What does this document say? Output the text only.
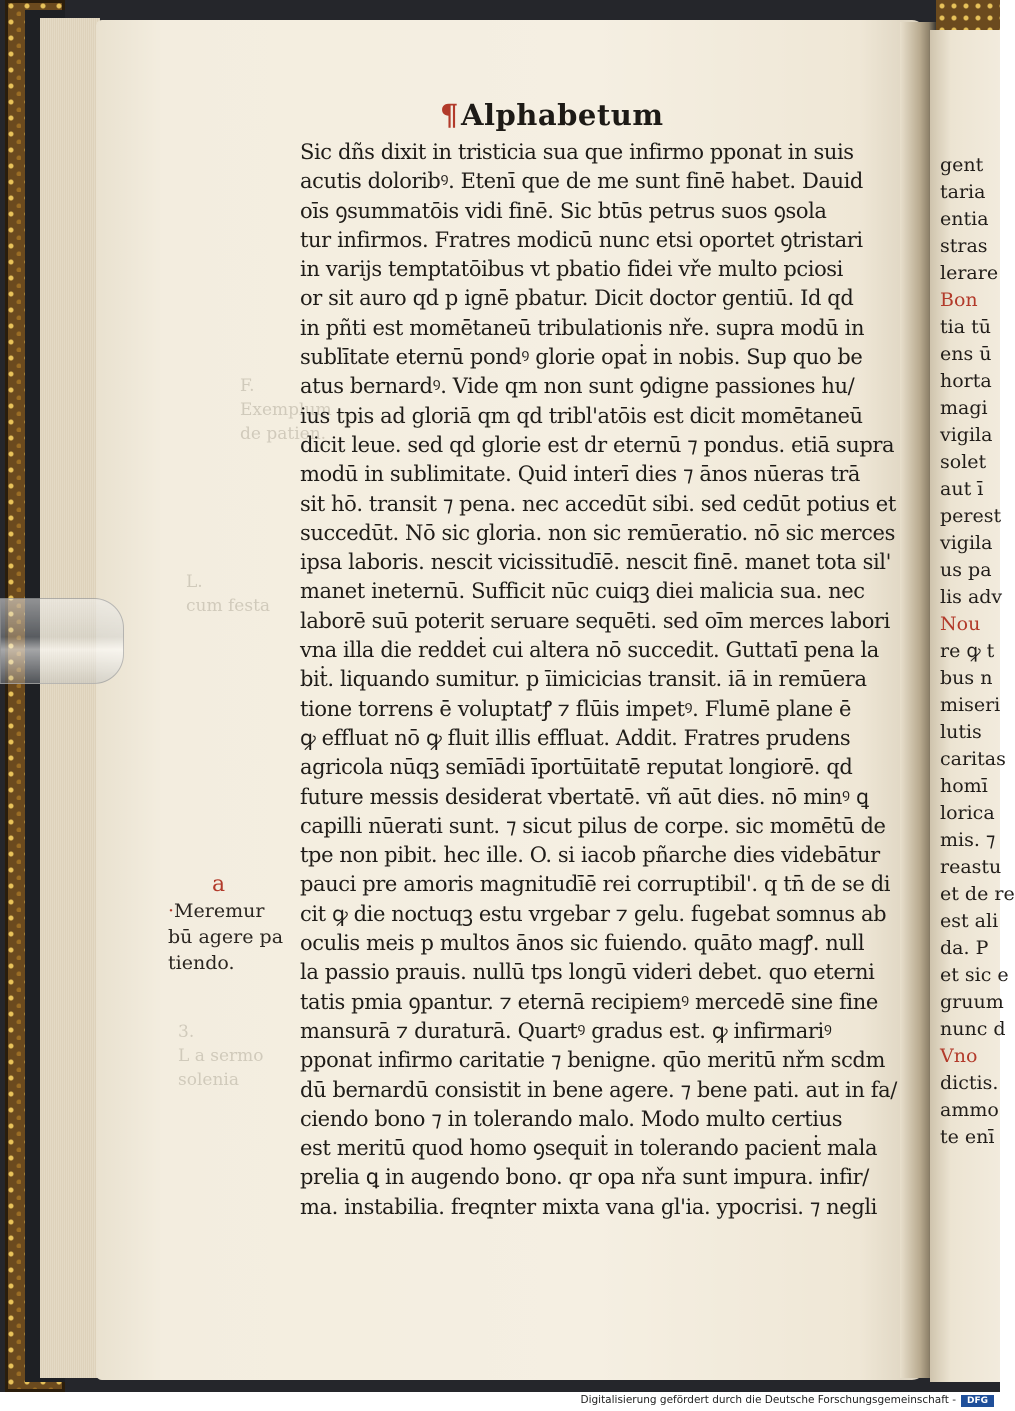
¶Alphabetum
F.
Exemplum
de patien.
L.
cum festa
3.
L a sermo
solenia
a
·Meremur
bū agere pa
tiendo.
Sic dñs dixit in tristicia sua que infirmo pponat in suis
acutis doloribꝰ. Etenī que de me sunt finē habet. Dauid
oīs ꝯsummatōis vidi finē. Sic btūs petrus suos ꝯsola
tur infirmos. Fratres modicū nunc etsi oportet ꝯtristari
in varijs temptatōibus vt pbatio fidei vře multo pciosi
or sit auro qd p ignē pbatur. Dicit doctor gentiū. Id qd
in pñti est momētaneū tribulationis nře. supra modū in
sublītate eternū pondꝰ glorie opaṫ in nobis. Sup quo be
atus bernardꝰ. Vide qm non sunt ꝯdigne passiones hu/
ius tpis ad gloriā qm qd tribl'atōis est dicit momētaneū
dicit leue. sed qd glorie est dr eternū ⁊ pondus. etiā supra
modū in sublimitate. Quid interī dies ⁊ ānos nūeras trā
sit hō. transit ⁊ pena. nec accedūt sibi. sed cedūt potius et
succedūt. Nō sic gloria. non sic remūeratio. nō sic merces
ipsa laboris. nescit vicissitudīē. nescit finē. manet tota sil'
manet ineternū. Sufficit nūc cuiqꝫ diei malicia sua. nec
laborē suū poterit seruare sequēti. sed oīm merces labori
vna illa die reddeṫ cui altera nō succedit. Guttatī pena la
biṫ. liquando sumitur. p īimicicias transit. iā in remūera
tione torrens ē voluptatꝭ ⁊ flūis impetꝰ. Flumē plane ē
ꝙ effluat nō ꝙ fluit illis effluat. Addit. Fratres prudens
agricola nūqꝫ semīādi īportūitatē reputat longiorē. qd
future messis desiderat vbertatē. vñ aūt dies. nō minꝰ ꝗ
capilli nūerati sunt. ⁊ sicut pilus de corpe. sic momētū de
tpe non pibit. hec ille. O. si iacob pñarche dies videbātur
pauci pre amoris magnitudīē rei corruptibil'. q tn̄ de se di
cit ꝙ die noctuqꝫ estu vrgebar ⁊ gelu. fugebat somnus ab
oculis meis p multos ānos sic fuiendo. quāto magꝭ. null
la passio prauis. nullū tps longū videri debet. quo eterni
tatis pmia ꝯpantur. ⁊ eternā recipiemꝰ mercedē sine fine
mansurā ⁊ duraturā. Quartꝰ gradus est. ꝙ infirmariꝰ
pponat infirmo caritatie ⁊ benigne. qūo meritū nřm scdm
dū bernardū consistit in bene agere. ⁊ bene pati. aut in fa/
ciendo bono ⁊ in tolerando malo. Modo multo certius
est meritū quod homo ꝯsequiṫ in tolerando pacienṫ mala
prelia ꝗ in augendo bono. qr opa nřa sunt impura. infir/
ma. instabilia. freqnter mixta vana gl'ia. ypocrisi. ⁊ negli
gent
taria
entia
stras
lerare
Bon
tia tū
ens ū
horta
magi
vigila
solet
aut ī
perest
vigila
us pa
lis adv
Nou
re ꝙ t
bus n
miseri
lutis
caritas
homī
lorica
mis. ⁊
reastu
et de re
est ali
da. P
et sic e
gruum
nunc d
Vno
dictis.
ammo
te enī
Digitalisierung gefördert durch die Deutsche Forschungsgemeinschaft -	DFG
